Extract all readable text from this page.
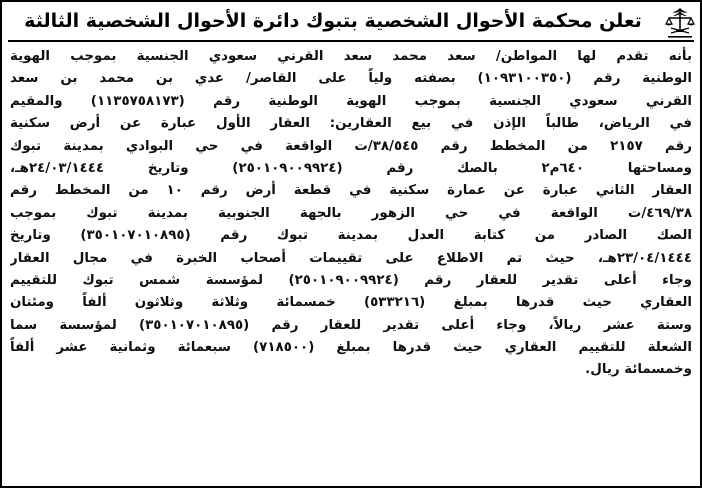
تعلن محكمة الأحوال الشخصية بتبوك دائرة الأحوال الشخصية الثالثة
بأنه تقدم لها المواطن/ سعد محمد سعد القرني سعودي الجنسية بموجب الهوية
الوطنية رقم (١٠٩٣١٠٠٣٥٠) بصفته ولياً على القاصر/ عدي بن محمد بن سعد
القرني سعودي الجنسية بموجب الهوية الوطنية رقم (١١٣٥٧٥٨١٧٣) والمقيم
في الرياض، طالباً الإذن في بيع العقارين: العقار الأول عبارة عن أرض سكنية
رقم ٢١٥٧ من المخطط رقم ٣٨/٥٤٥/ت الواقعة في حي البوادي بمدينة تبوك
ومساحتها ٦٤٠م٢ بالصك رقم (٢٥٠١٠٩٠٠٩٩٢٤) وتاريخ ٢٤/٠٣/١٤٤٤هـ،
العقار الثاني عبارة عن عمارة سكنية في قطعة أرض رقم ١٠ من المخطط رقم
٤٦٩/٣٨/ت الواقعة في حي الزهور بالجهة الجنوبية بمدينة تبوك بموجب
الصك الصادر من كتابة العدل بمدينة تبوك رقم (٣٥٠١٠٧٠١٠٨٩٥) وتاريخ
٢٣/٠٤/١٤٤٤هـ، حيث تم الاطلاع على تقييمات أصحاب الخبرة في مجال العقار
وجاء أعلى تقدير للعقار رقم (٢٥٠١٠٩٠٠٩٩٢٤) لمؤسسة شمس تبوك للتقييم
العقاري حيث قدرها بمبلغ (٥٣٣٢١٦) خمسمائة وثلاثة وثلاثون ألفاً ومئتان
وستة عشر ريالاً، وجاء أعلى تقدير للعقار رقم (٣٥٠١٠٧٠١٠٨٩٥) لمؤسسة سما
الشعلة للتقييم العقاري حيث قدرها بمبلغ (٧١٨٥٠٠) سبعمائة وثمانية عشر ألفاً
وخمسمائة ريال.
